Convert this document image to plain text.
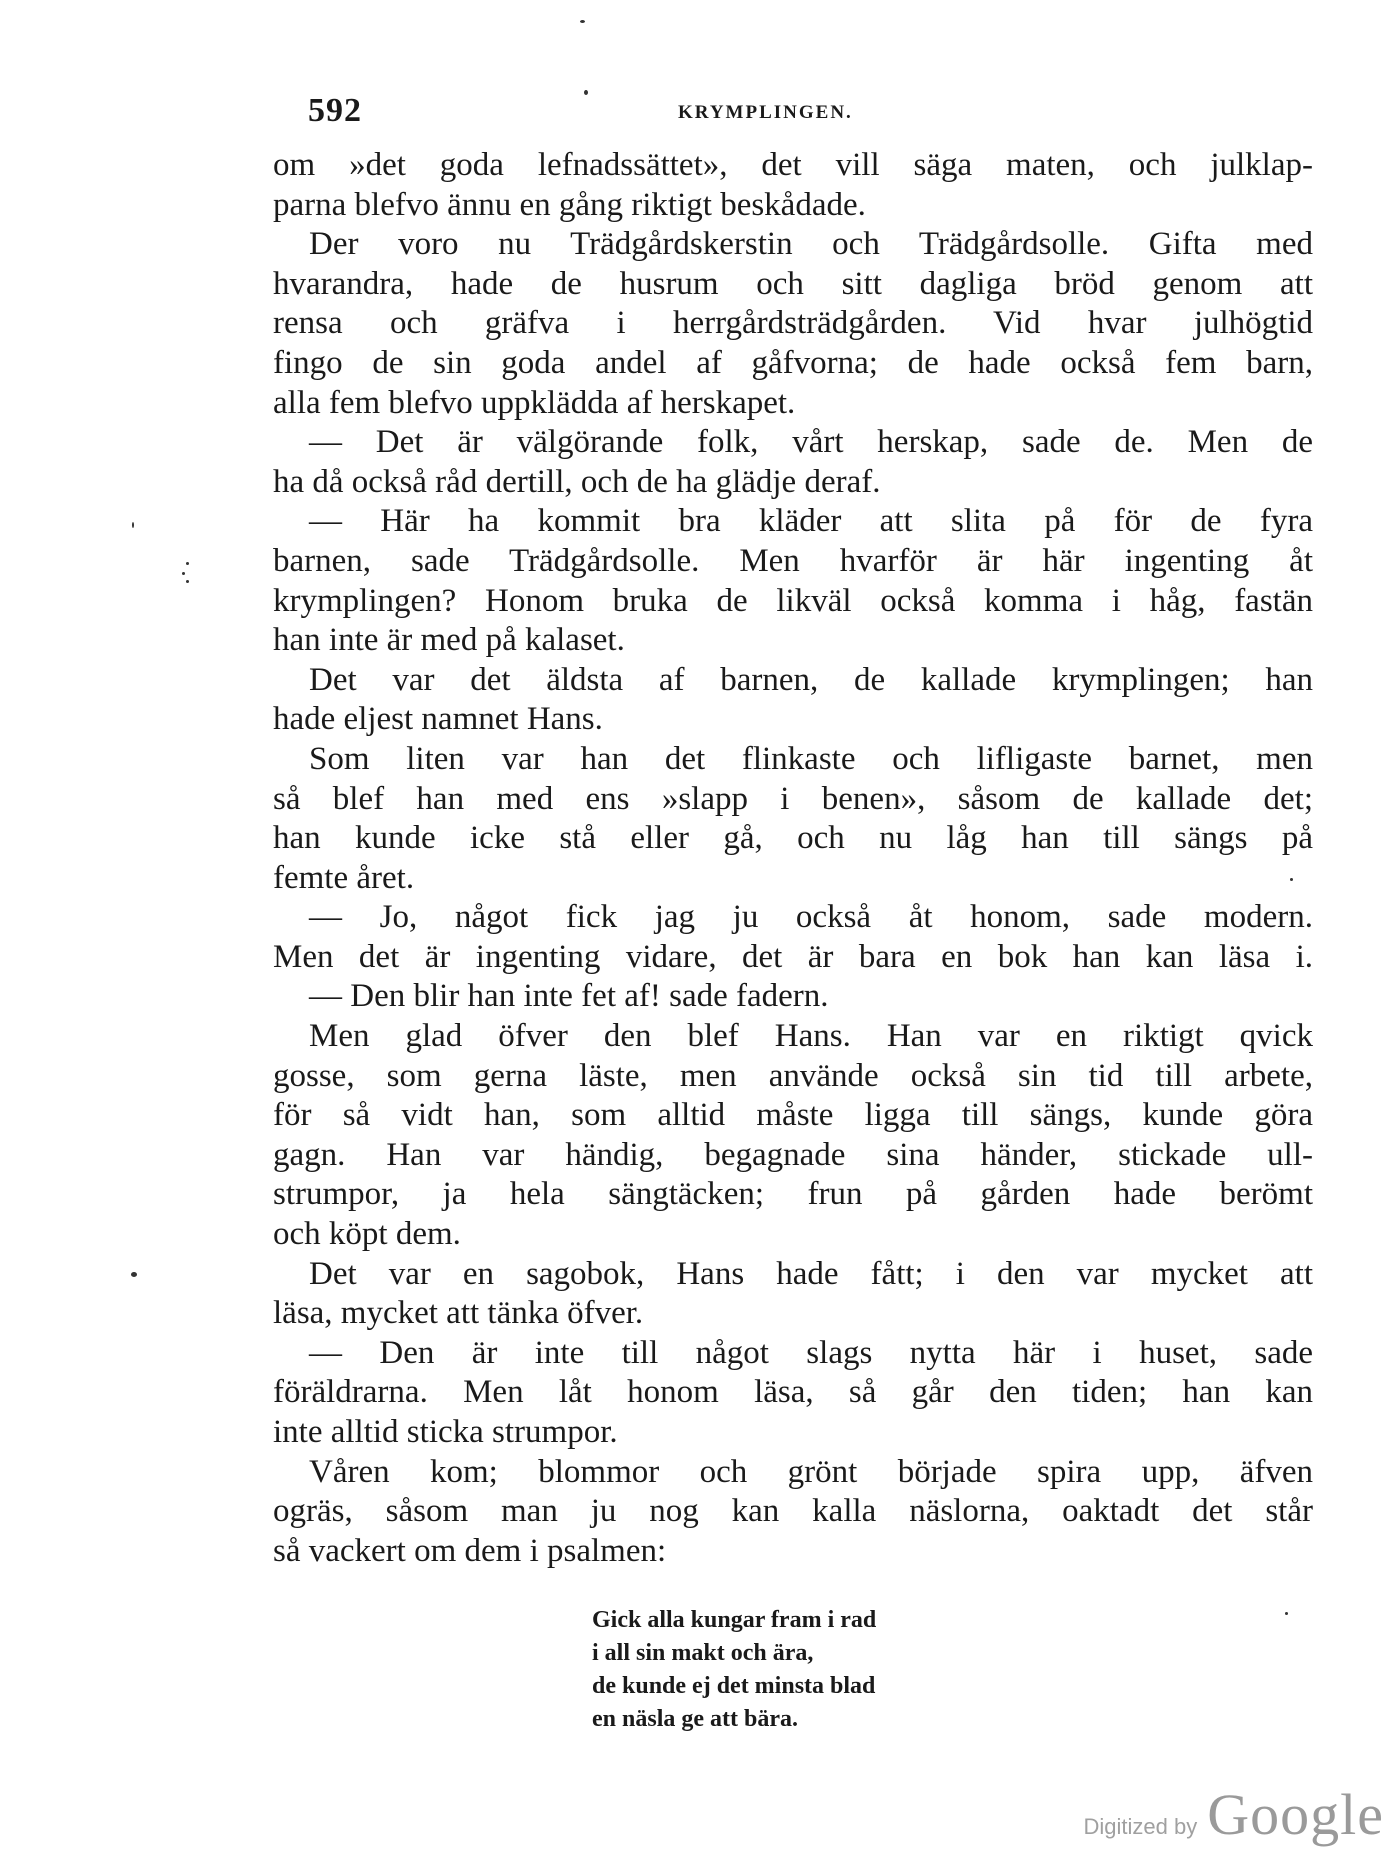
592	KRYMPLINGEN.
om »det goda lefnadssättet», det vill säga maten, och julklap-
parna blefvo ännu en gång riktigt beskådade.
Der voro nu Trädgårdskerstin och Trädgårdsolle. Gifta med
hvarandra, hade de husrum och sitt dagliga bröd genom att
rensa och gräfva i herrgårdsträdgården. Vid hvar julhögtid
fingo de sin goda andel af gåfvorna; de hade också fem barn,
alla fem blefvo uppklädda af herskapet.
— Det är välgörande folk, vårt herskap, sade de. Men de
ha då också råd dertill, och de ha glädje deraf.
— Här ha kommit bra kläder att slita på för de fyra
barnen, sade Trädgårdsolle. Men hvarför är här ingenting åt
krymplingen? Honom bruka de likväl också komma i håg, fastän
han inte är med på kalaset.
Det var det äldsta af barnen, de kallade krymplingen; han
hade eljest namnet Hans.
Som liten var han det flinkaste och lifligaste barnet, men
så blef han med ens »slapp i benen», såsom de kallade det;
han kunde icke stå eller gå, och nu låg han till sängs på
femte året.
— Jo, något fick jag ju också åt honom, sade modern.
Men det är ingenting vidare, det är bara en bok han kan läsa i.
— Den blir han inte fet af! sade fadern.
Men glad öfver den blef Hans. Han var en riktigt qvick
gosse, som gerna läste, men använde också sin tid till arbete,
för så vidt han, som alltid måste ligga till sängs, kunde göra
gagn. Han var händig, begagnade sina händer, stickade ull-
strumpor, ja hela sängtäcken; frun på gården hade berömt
och köpt dem.
Det var en sagobok, Hans hade fått; i den var mycket att
läsa, mycket att tänka öfver.
— Den är inte till något slags nytta här i huset, sade
föräldrarna. Men låt honom läsa, så går den tiden; han kan
inte alltid sticka strumpor.
Våren kom; blommor och grönt började spira upp, äfven
ogräs, såsom man ju nog kan kalla näslorna, oaktadt det står
så vackert om dem i psalmen:
Gick alla kungar fram i rad
i all sin makt och ära,
de kunde ej det minsta blad
en näsla ge att bära.
Digitized by Google
